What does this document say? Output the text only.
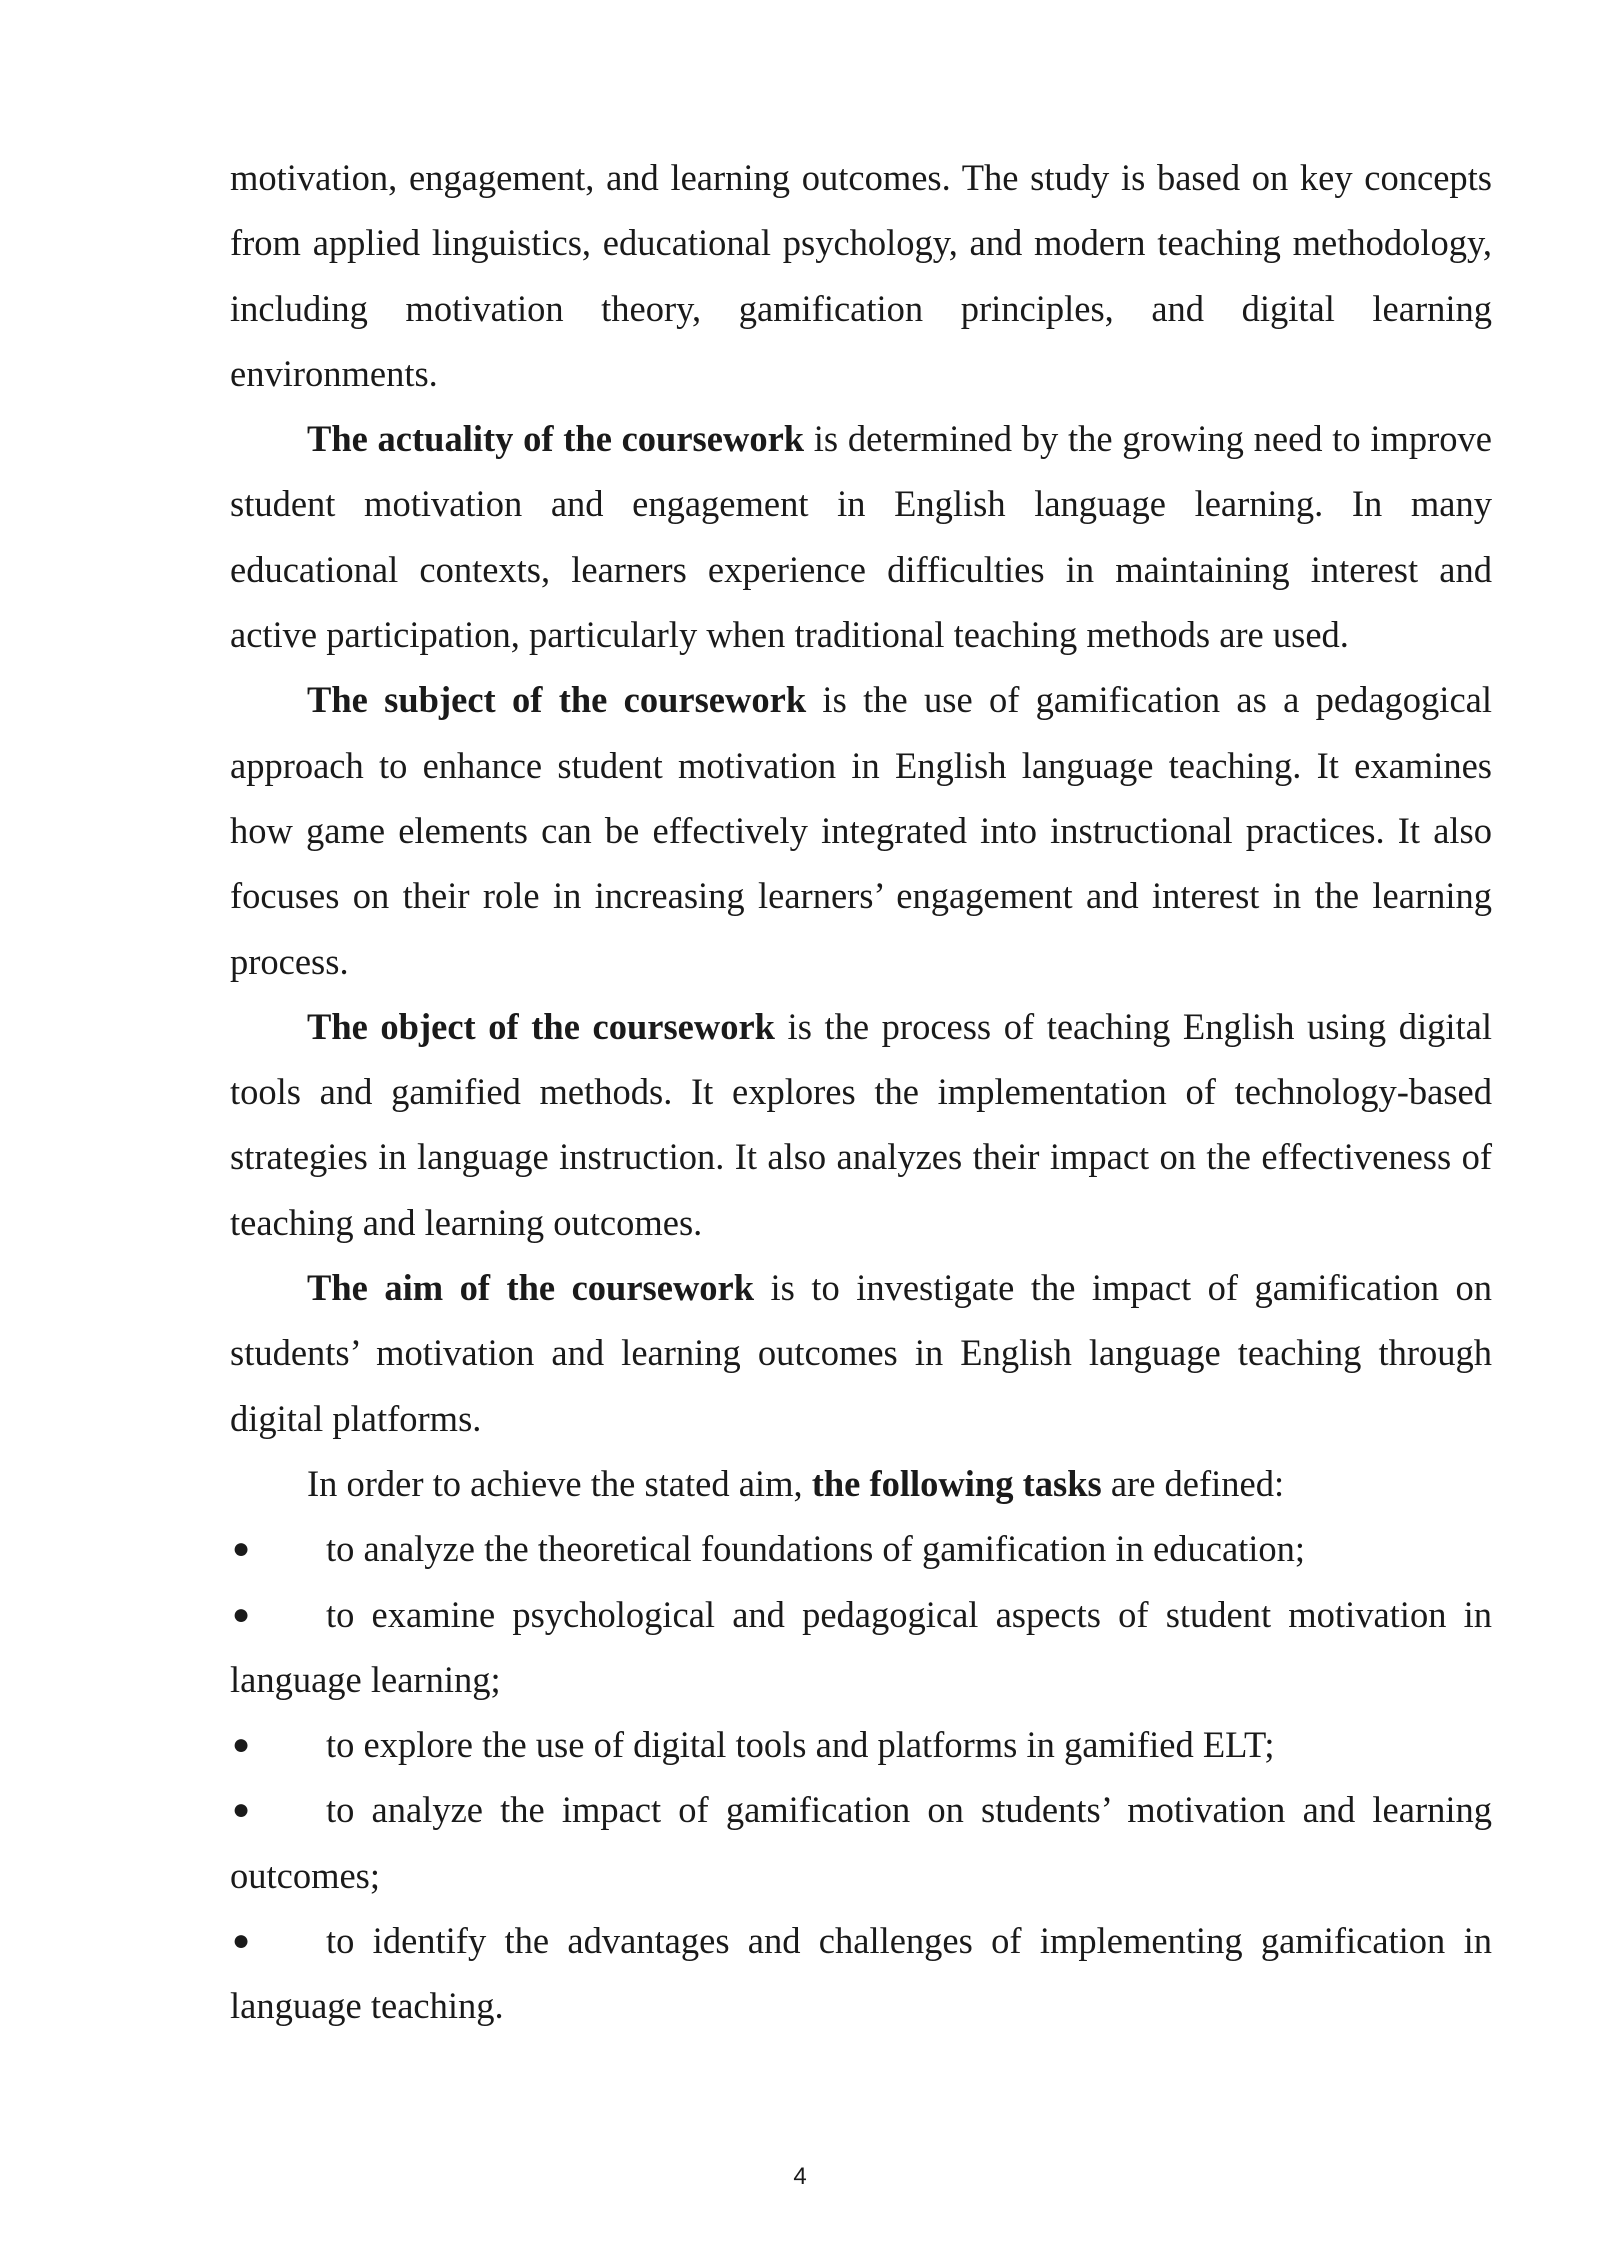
motivation, engagement, and learning outcomes. The study is based on key concepts from applied linguistics, educational psychology, and modern teaching methodology, including motivation theory, gamification principles, and digital learning environments.

The actuality of the coursework is determined by the growing need to improve student motivation and engagement in English language learning. In many educational contexts, learners experience difficulties in maintaining interest and active participation, particularly when traditional teaching methods are used.

The subject of the coursework is the use of gamification as a pedagogical approach to enhance student motivation in English language teaching. It examines how game elements can be effectively integrated into instructional practices. It also focuses on their role in increasing learners’ engagement and interest in the learning process.

The object of the coursework is the process of teaching English using digital tools and gamified methods. It explores the implementation of technology-based strategies in language instruction. It also analyzes their impact on the effectiveness of teaching and learning outcomes.

The aim of the coursework is to investigate the impact of gamification on students’ motivation and learning outcomes in English language teaching through digital platforms.

In order to achieve the stated aim, the following tasks are defined:

● to analyze the theoretical foundations of gamification in education;

● to examine psychological and pedagogical aspects of student motivation in language learning;

● to explore the use of digital tools and platforms in gamified ELT;

● to analyze the impact of gamification on students’ motivation and learning outcomes;

● to identify the advantages and challenges of implementing gamification in language teaching.

4
